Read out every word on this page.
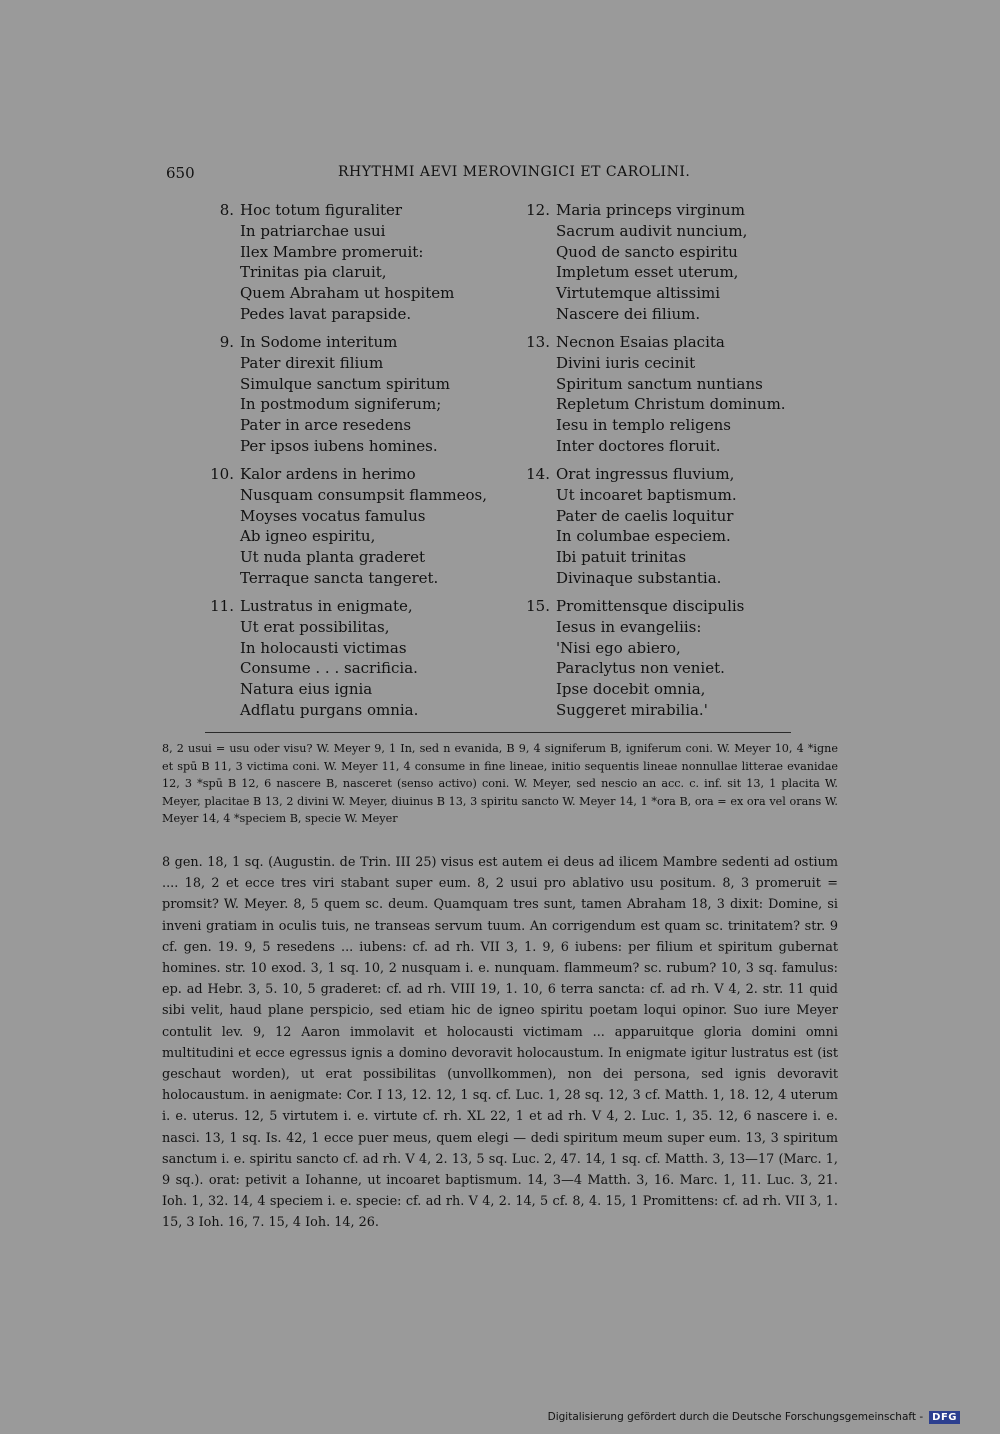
650	RHYTHMI AEVI MEROVINGICI ET CAROLINI.
8. Hoc totum figuraliter
In patriarchae usui
Ilex Mambre promeruit:
Trinitas pia claruit,
Quem Abraham ut hospitem
Pedes lavat parapside.
9. In Sodome interitum
Pater direxit filium
Simulque sanctum spiritum
In postmodum signiferum;
Pater in arce resedens
Per ipsos iubens homines.
10. Kalor ardens in herimo
Nusquam consumpsit flammeos,
Moyses vocatus famulus
Ab igneo espiritu,
Ut nuda planta graderet
Terraque sancta tangeret.
11. Lustratus in enigmate,
Ut erat possibilitas,
In holocausti victimas
Consume . . . sacrificia.
Natura eius ignia
Adflatu purgans omnia.
12. Maria princeps virginum
Sacrum audivit nuncium,
Quod de sancto espiritu
Impletum esset uterum,
Virtutemque altissimi
Nascere dei filium.
13. Necnon Esaias placita
Divini iuris cecinit
Spiritum sanctum nuntians
Repletum Christum dominum.
Iesu in templo religens
Inter doctores floruit.
14. Orat ingressus fluvium,
Ut incoaret baptismum.
Pater de caelis loquitur
In columbae especiem.
Ibi patuit trinitas
Divinaque substantia.
15. Promittensque discipulis
Iesus in evangeliis:
'Nisi ego abiero,
Paraclytus non veniet.
Ipse docebit omnia,
Suggeret mirabilia.'
8, 2 usui = usu oder visu? W. Meyer 9, 1 In, sed n evanida, B 9, 4 signiferum B, igniferum coni. W. Meyer 10, 4 *igne et spū B 11, 3 victima coni. W. Meyer 11, 4 consume in fine lineae, initio sequentis lineae nonnullae litterae evanidae 12, 3 *spū B 12, 6 nascere B, nasceret (senso activo) coni. W. Meyer, sed nescio an acc. c. inf. sit 13, 1 placita W. Meyer, placitae B 13, 2 divini W. Meyer, diuinus B 13, 3 spiritu sancto W. Meyer 14, 1 *ora B, ora = ex ora vel orans W. Meyer 14, 4 *speciem B, specie W. Meyer
8 gen. 18, 1 sq. (Augustin. de Trin. III 25) visus est autem ei deus ad ilicem Mambre sedenti ad ostium .... 18, 2 et ecce tres viri stabant super eum. 8, 2 usui pro ablativo usu positum. 8, 3 promeruit = promsit? W. Meyer. 8, 5 quem sc. deum. Quamquam tres sunt, tamen Abraham 18, 3 dixit: Domine, si inveni gratiam in oculis tuis, ne transeas servum tuum. An corrigendum est quam sc. trinitatem? str. 9 cf. gen. 19. 9, 5 resedens ... iubens: cf. ad rh. VII 3, 1. 9, 6 iubens: per filium et spiritum gubernat homines. str. 10 exod. 3, 1 sq. 10, 2 nusquam i. e. nunquam. flammeum? sc. rubum? 10, 3 sq. famulus: ep. ad Hebr. 3, 5. 10, 5 graderet: cf. ad rh. VIII 19, 1. 10, 6 terra sancta: cf. ad rh. V 4, 2. str. 11 quid sibi velit, haud plane perspicio, sed etiam hic de igneo spiritu poetam loqui opinor. Suo iure Meyer contulit lev. 9, 12 Aaron immolavit et holocausti victimam ... apparuitque gloria domini omni multitudini et ecce egressus ignis a domino devoravit holocaustum. In enigmate igitur lustratus est (ist geschaut worden), ut erat possibilitas (unvollkommen), non dei persona, sed ignis devoravit holocaustum. in aenigmate: Cor. I 13, 12. 12, 1 sq. cf. Luc. 1, 28 sq. 12, 3 cf. Matth. 1, 18. 12, 4 uterum i. e. uterus. 12, 5 virtutem i. e. virtute cf. rh. XL 22, 1 et ad rh. V 4, 2. Luc. 1, 35. 12, 6 nascere i. e. nasci. 13, 1 sq. Is. 42, 1 ecce puer meus, quem elegi — dedi spiritum meum super eum. 13, 3 spiritum sanctum i. e. spiritu sancto cf. ad rh. V 4, 2. 13, 5 sq. Luc. 2, 47. 14, 1 sq. cf. Matth. 3, 13—17 (Marc. 1, 9 sq.). orat: petivit a Iohanne, ut incoaret baptismum. 14, 3—4 Matth. 3, 16. Marc. 1, 11. Luc. 3, 21. Ioh. 1, 32. 14, 4 speciem i. e. specie: cf. ad rh. V 4, 2. 14, 5 cf. 8, 4. 15, 1 Promittens: cf. ad rh. VII 3, 1. 15, 3 Ioh. 16, 7. 15, 4 Ioh. 14, 26.
Digitalisierung gefördert durch die Deutsche Forschungsgemeinschaft - DFG
